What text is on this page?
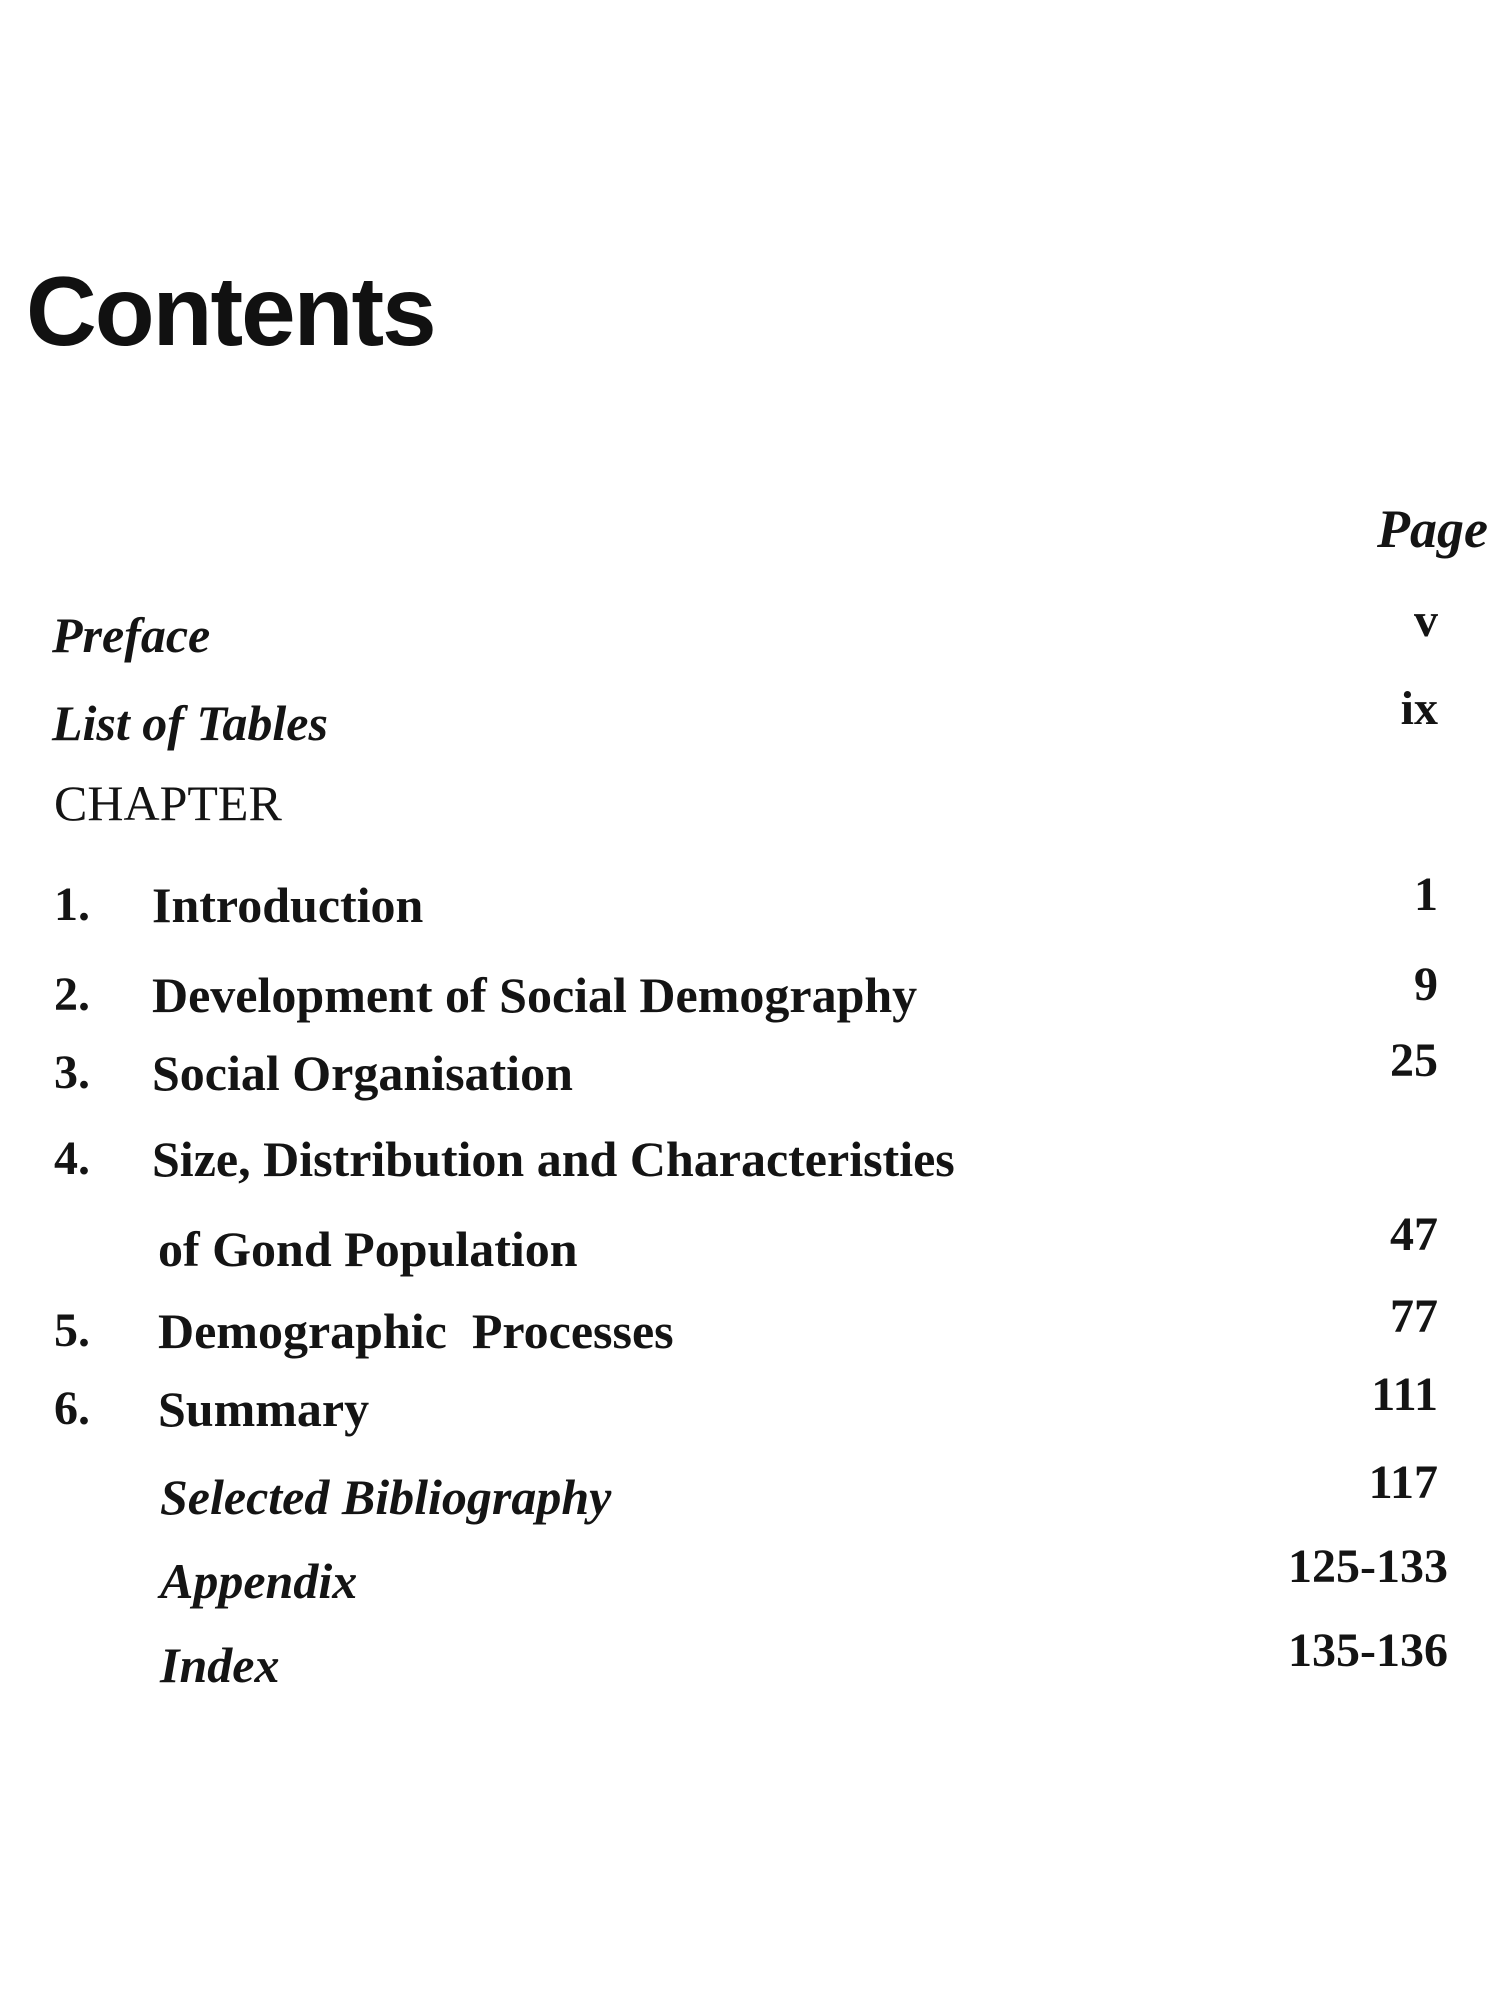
Contents
Page
Preface	v
List of Tables	ix
CHAPTER
1. Introduction	1
2. Development of Social Demography	9
3. Social Organisation	25
4. Size, Distribution and Characteristies
of Gond Population	47
5. Demographic  Processes	77
6. Summary	111
Selected Bibliography	117
Appendix	125-133
Index	135-136
